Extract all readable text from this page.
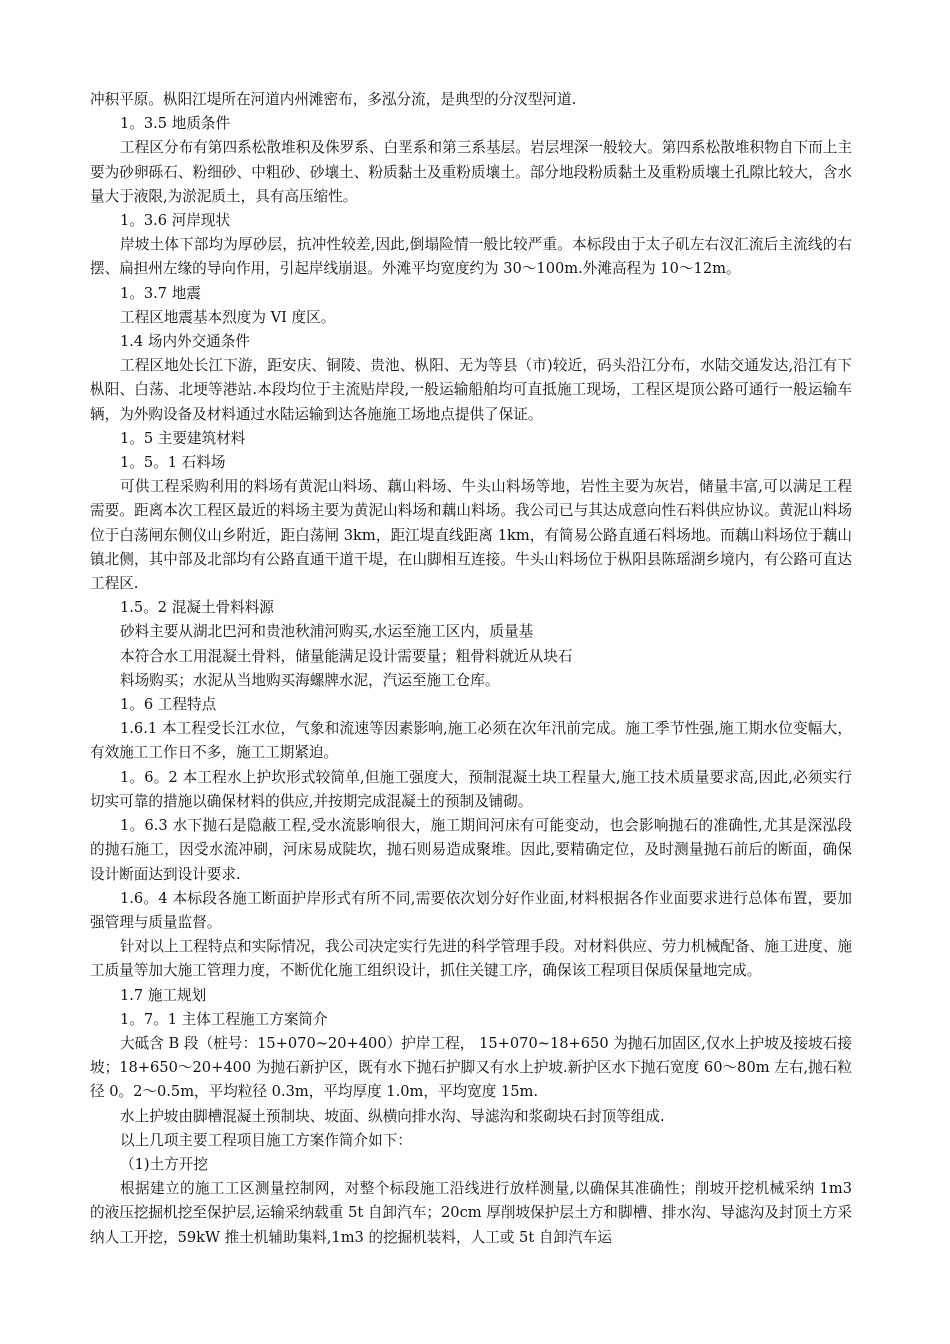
冲积平原。枞阳江堤所在河道内州滩密布，多泓分流，是典型的分汊型河道.

1。3.5 地质条件

工程区分布有第四系松散堆积及侏罗系、白垩系和第三系基层。岩层埋深一般较大。第四系松散堆积物自下而上主要为砂卵砾石、粉细砂、中粗砂、砂壤土、粉质黏土及重粉质壤土。部分地段粉质黏土及重粉质壤土孔隙比较大，含水量大于液限,为淤泥质土，具有高压缩性。

1。3.6 河岸现状

岸坡土体下部均为厚砂层，抗冲性较差,因此,倒塌险情一般比较严重。本标段由于太子矶左右汊汇流后主流线的右摆、扁担州左缘的导向作用，引起岸线崩退。外滩平均宽度约为 30～100m.外滩高程为 10～12m。

1。3.7 地震

工程区地震基本烈度为 VI 度区。

1.4 场内外交通条件

工程区地处长江下游，距安庆、铜陵、贵池、枞阳、无为等县（市)较近，码头沿江分布，水陆交通发达,沿江有下枞阳、白荡、北埂等港站.本段均位于主流贴岸段,一般运输船舶均可直抵施工现场，工程区堤顶公路可通行一般运输车辆，为外购设备及材料通过水陆运输到达各施施工场地点提供了保证。

1。5 主要建筑材料

1。5。1 石料场

可供工程采购利用的料场有黄泥山料场、藕山料场、牛头山料场等地，岩性主要为灰岩，储量丰富,可以满足工程需要。距离本次工程区最近的料场主要为黄泥山料场和藕山料场。我公司已与其达成意向性石料供应协议。黄泥山料场位于白荡闸东侧仪山乡附近，距白荡闸 3km，距江堤直线距离 1km，有简易公路直通石料场地。而藕山料场位于藕山镇北侧，其中部及北部均有公路直通干道干堤，在山脚相互连接。牛头山料场位于枞阳县陈瑶湖乡境内，有公路可直达工程区.

1.5。2 混凝土骨料料源

砂料主要从湖北巴河和贵池秋浦河购买,水运至施工区内，质量基

本符合水工用混凝土骨料，储量能满足设计需要量；粗骨料就近从块石

料场购买；水泥从当地购买海螺牌水泥，汽运至施工仓库。

1。6 工程特点

1.6.1 本工程受长江水位，气象和流速等因素影响,施工必须在次年汛前完成。施工季节性强,施工期水位变幅大，有效施工工作日不多，施工工期紧迫。

1。6。2 本工程水上护坎形式较简单,但施工强度大，预制混凝土块工程量大,施工技术质量要求高,因此,必须实行切实可靠的措施以确保材料的供应,并按期完成混凝土的预制及铺砌。

1。6.3 水下抛石是隐蔽工程,受水流影响很大，施工期间河床有可能变动，也会影响抛石的准确性,尤其是深泓段的抛石施工，因受水流冲刷，河床易成陡坎，抛石则易造成聚堆。因此,要精确定位，及时测量抛石前后的断面，确保设计断面达到设计要求.

1.6。4 本标段各施工断面护岸形式有所不同,需要依次划分好作业面,材料根据各作业面要求进行总体布置，要加强管理与质量监督。

针对以上工程特点和实际情况，我公司决定实行先进的科学管理手段。对材料供应、劳力机械配备、施工进度、施工质量等加大施工管理力度，不断优化施工组织设计，抓住关键工序，确保该工程项目保质保量地完成。

1.7 施工规划

1。7。1 主体工程施工方案简介

大砥含 B 段（桩号：15+070~20+400）护岸工程， 15+070~18+650 为抛石加固区,仅水上护坡及接坡石接坡；18+650～20+400 为抛石新护区，既有水下抛石护脚又有水上护坡.新护区水下抛石宽度 60～80m 左右,抛石粒径 0。2～0.5m，平均粒径 0.3m，平均厚度 1.0m，平均宽度 15m.

水上护坡由脚槽混凝土预制块、坡面、纵横向排水沟、导滤沟和浆砌块石封顶等组成.

以上几项主要工程项目施工方案作简介如下：

（1)土方开挖

根据建立的施工工区测量控制网，对整个标段施工沿线进行放样测量,以确保其准确性；削坡开挖机械采纳 1m3 的液压挖掘机挖至保护层,运输采纳载重 5t 自卸汽车；20cm 厚削坡保护层土方和脚槽、排水沟、导滤沟及封顶土方采纳人工开挖，59kW 推土机辅助集料,1m3 的挖掘机装料，人工或 5t 自卸汽车运
